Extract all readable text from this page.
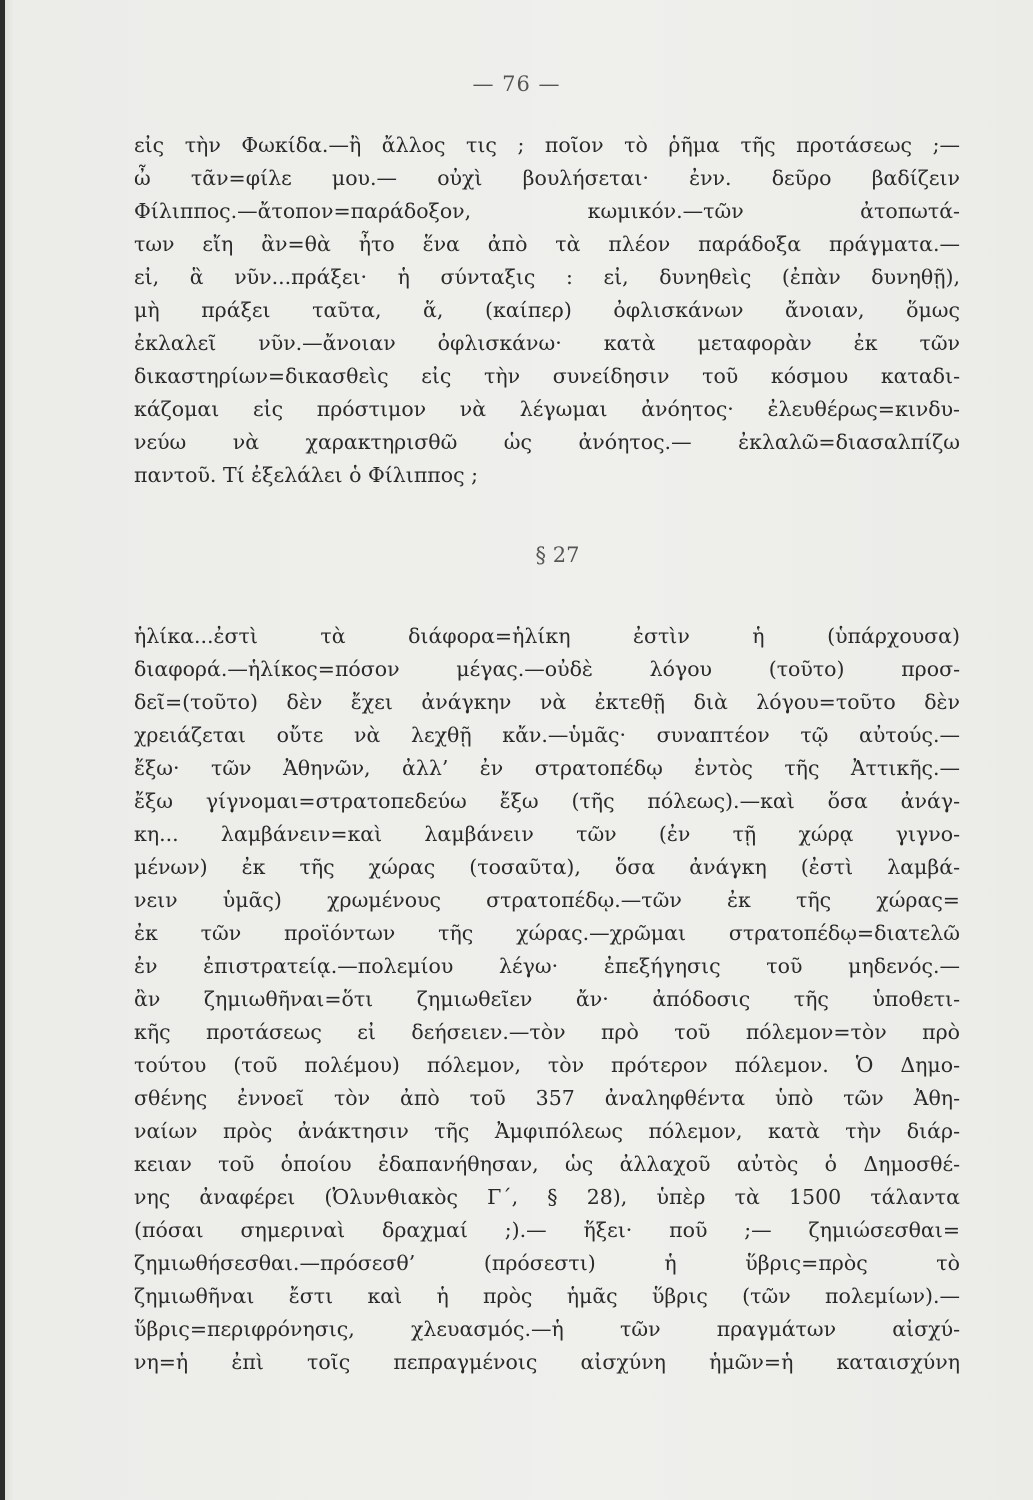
— 76 —
εἰς τὴν Φωκίδα.—ἢ ἄλλος τις ; ποῖον τὸ ῥῆμα τῆς προτάσεως ;—
ὦ τᾶν=φίλε μου.— οὐχὶ βουλήσεται· ἐνν. δεῦρο βαδίζειν
Φίλιππος.—ἄτοπον=παράδοξον, κωμικόν.—τῶν ἀτοπωτά-
των εἴη ἂν=θὰ ἦτο ἕνα ἀπὸ τὰ πλέον παράδοξα πράγματα.—
εἰ, ἃ νῦν...πράξει· ἡ σύνταξις : εἰ, δυνηθεὶς (ἐπὰν δυνηθῇ),
μὴ πράξει ταῦτα, ἅ, (καίπερ) ὀφλισκάνων ἄνοιαν, ὅμως
ἐκλαλεῖ νῦν.—ἄνοιαν ὀφλισκάνω· κατὰ μεταφορὰν ἐκ τῶν
δικαστηρίων=δικασθεὶς εἰς τὴν συνείδησιν τοῦ κόσμου καταδι-
κάζομαι εἰς πρόστιμον νὰ λέγωμαι ἀνόητος· ἐλευθέρως=κινδυ-
νεύω νὰ χαρακτηρισθῶ ὡς ἀνόητος.— ἐκλαλῶ=διασαλπίζω
παντοῦ. Τί ἐξελάλει ὁ Φίλιππος ;
§ 27
ἡλίκα...ἐστὶ τὰ διάφορα=ἡλίκη ἐστὶν ἡ (ὑπάρχουσα)
διαφορά.—ἡλίκος=πόσον μέγας.—οὐδὲ λόγου (τοῦτο) προσ-
δεῖ=(τοῦτο) δὲν ἔχει ἀνάγκην νὰ ἐκτεθῇ διὰ λόγου=τοῦτο δὲν
χρειάζεται οὔτε νὰ λεχθῇ κἄν.—ὑμᾶς· συναπτέον τῷ αὐτούς.—
ἔξω· τῶν Ἀθηνῶν, ἀλλ’ ἐν στρατοπέδῳ ἐντὸς τῆς Ἀττικῆς.—
ἔξω γίγνομαι=στρατοπεδεύω ἔξω (τῆς πόλεως).—καὶ ὅσα ἀνάγ-
κη... λαμβάνειν=καὶ λαμβάνειν τῶν (ἐν τῇ χώρᾳ γιγνο-
μένων) ἐκ τῆς χώρας (τοσαῦτα), ὅσα ἀνάγκη (ἐστὶ λαμβά-
νειν ὑμᾶς) χρωμένους στρατοπέδῳ.—τῶν ἐκ τῆς χώρας=
ἐκ τῶν προϊόντων τῆς χώρας.—χρῶμαι στρατοπέδῳ=διατελῶ
ἐν ἐπιστρατείᾳ.—πολεμίου λέγω· ἐπεξήγησις τοῦ μηδενός.—
ἂν ζημιωθῆναι=ὅτι ζημιωθεῖεν ἄν· ἀπόδοσις τῆς ὑποθετι-
κῆς προτάσεως εἰ δεήσειεν.—τὸν πρὸ τοῦ πόλεμον=τὸν πρὸ
τούτου (τοῦ πολέμου) πόλεμον, τὸν πρότερον πόλεμον. Ὁ Δημο-
σθένης ἐννοεῖ τὸν ἀπὸ τοῦ 357 ἀναληφθέντα ὑπὸ τῶν Ἀθη-
ναίων πρὸς ἀνάκτησιν τῆς Ἀμφιπόλεως πόλεμον, κατὰ τὴν διάρ-
κειαν τοῦ ὁποίου ἐδαπανήθησαν, ὡς ἀλλαχοῦ αὐτὸς ὁ Δημοσθέ-
νης ἀναφέρει (Ὀλυνθιακὸς Γ΄, § 28), ὑπὲρ τὰ 1500 τάλαντα
(πόσαι σημεριναὶ δραχμαί ;).— ἥξει· ποῦ ;— ζημιώσεσθαι=
ζημιωθήσεσθαι.—πρόσεσθ’ (πρόσεστι) ἡ ὕβρις=πρὸς τὸ
ζημιωθῆναι ἔστι καὶ ἡ πρὸς ἡμᾶς ὕβρις (τῶν πολεμίων).—
ὕβρις=περιφρόνησις, χλευασμός.—ἡ τῶν πραγμάτων αἰσχύ-
νη=ἡ ἐπὶ τοῖς πεπραγμένοις αἰσχύνη ἡμῶν=ἡ καταισχύνη
